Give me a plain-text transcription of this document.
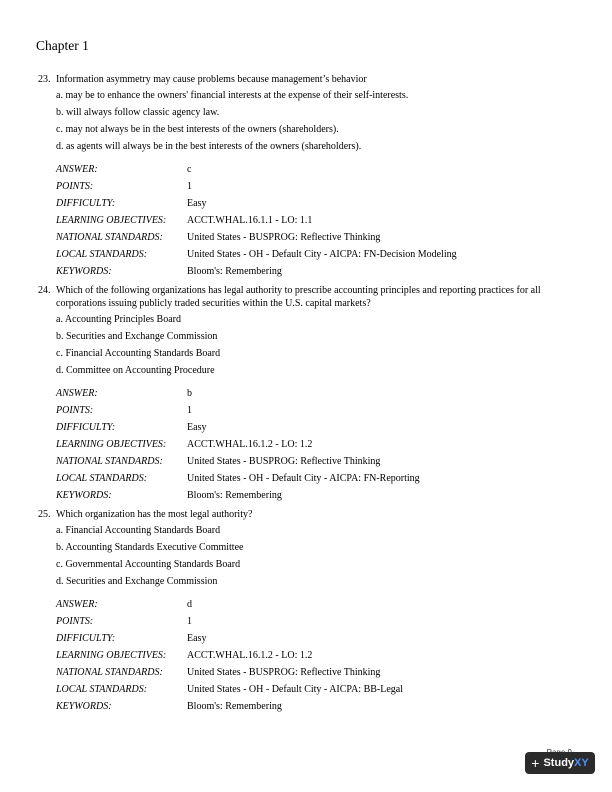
Chapter 1
23. Information asymmetry may cause problems because management’s behavior
a. may be to enhance the owners' financial interests at the expense of their self-interests.
b. will always follow classic agency law.
c. may not always be in the best interests of the owners (shareholders).
d. as agents will always be in the best interests of the owners (shareholders).
ANSWER:	c
POINTS:	1
DIFFICULTY:	Easy
LEARNING OBJECTIVES:	ACCT.WHAL.16.1.1 - LO: 1.1
NATIONAL STANDARDS:	United States - BUSPROG: Reflective Thinking
LOCAL STANDARDS:	United States - OH - Default City - AICPA: FN-Decision Modeling
KEYWORDS:	Bloom's: Remembering
24. Which of the following organizations has legal authority to prescribe accounting principles and reporting practices for all corporations issuing publicly traded securities within the U.S. capital markets?
a. Accounting Principles Board
b. Securities and Exchange Commission
c. Financial Accounting Standards Board
d. Committee on Accounting Procedure
ANSWER:	b
POINTS:	1
DIFFICULTY:	Easy
LEARNING OBJECTIVES:	ACCT.WHAL.16.1.2 - LO: 1.2
NATIONAL STANDARDS:	United States - BUSPROG: Reflective Thinking
LOCAL STANDARDS:	United States - OH - Default City - AICPA: FN-Reporting
KEYWORDS:	Bloom's: Remembering
25. Which organization has the most legal authority?
a. Financial Accounting Standards Board
b. Accounting Standards Executive Committee
c. Governmental Accounting Standards Board
d. Securities and Exchange Commission
ANSWER:	d
POINTS:	1
DIFFICULTY:	Easy
LEARNING OBJECTIVES:	ACCT.WHAL.16.1.2 - LO: 1.2
NATIONAL STANDARDS:	United States - BUSPROG: Reflective Thinking
LOCAL STANDARDS:	United States - OH - Default City - AICPA: BB-Legal
KEYWORDS:	Bloom's: Remembering
+ StudyXY
